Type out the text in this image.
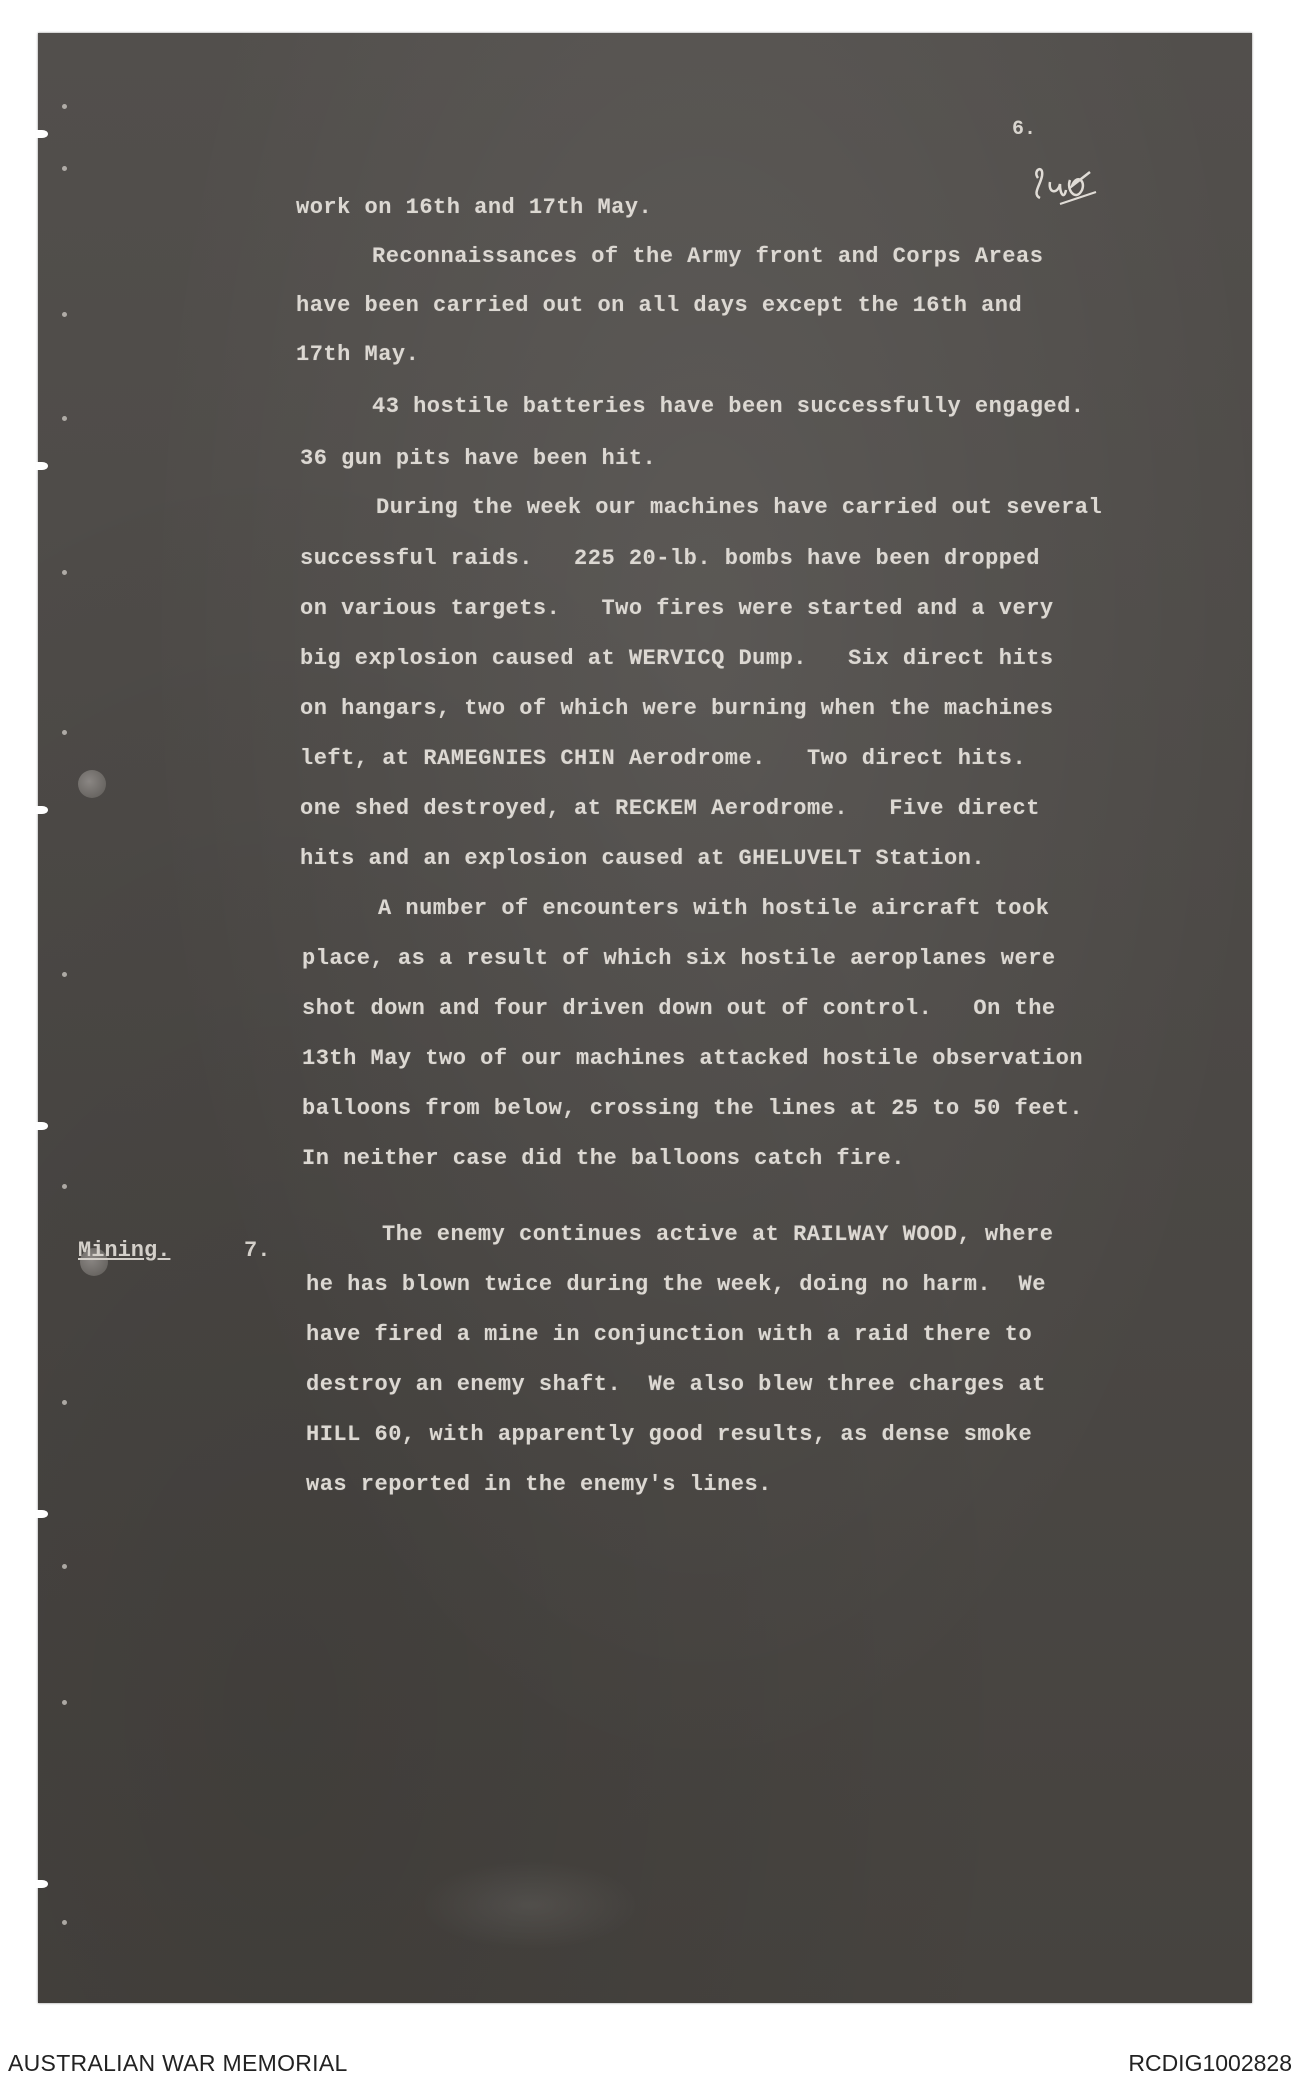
6.
work on 16th and 17th May.
Reconnaissances of the Army front and Corps Areas
have been carried out on all days except the 16th and
17th May.
43 hostile batteries have been successfully engaged.
36 gun pits have been hit.
During the week our machines have carried out several
successful raids.   225 20-lb. bombs have been dropped
on various targets.   Two fires were started and a very
big explosion caused at WERVICQ Dump.   Six direct hits
on hangars, two of which were burning when the machines
left, at RAMEGNIES CHIN Aerodrome.   Two direct hits.
one shed destroyed, at RECKEM Aerodrome.   Five direct
hits and an explosion caused at GHELUVELT Station.
A number of encounters with hostile aircraft took
place, as a result of which six hostile aeroplanes were
shot down and four driven down out of control.   On the
13th May two of our machines attacked hostile observation
balloons from below, crossing the lines at 25 to 50 feet.
In neither case did the balloons catch fire.
Mining.	7.
The enemy continues active at RAILWAY WOOD, where
he has blown twice during the week, doing no harm.  We
have fired a mine in conjunction with a raid there to
destroy an enemy shaft.  We also blew three charges at
HILL 60, with apparently good results, as dense smoke
was reported in the enemy's lines.
AUSTRALIAN WAR MEMORIAL	RCDIG1002828
